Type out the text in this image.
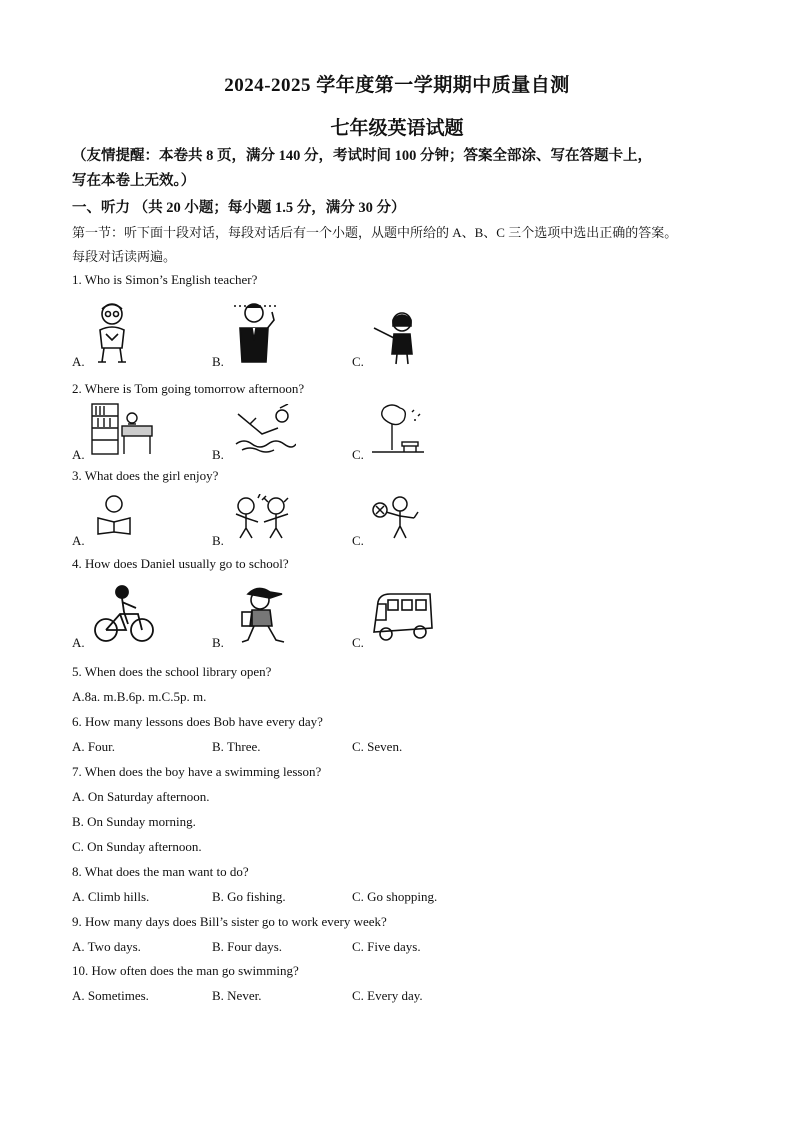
2024-2025 学年度第一学期期中质量自测
七年级英语试题
（友情提醒：本卷共 8 页，满分 140 分，考试时间 100 分钟；答案全部涂、写在答题卡上，
写在本卷上无效。）
一、听力 （共 20 小题；每小题 1.5 分，满分 30 分）
第一节：听下面十段对话，每段对话后有一个小题，从题中所给的 A、B、C 三个选项中选出正确的答案。
每段对话读两遍。
1. Who is Simon’s English teacher?
A.	B.	C.
2. Where is Tom going tomorrow afternoon?
A.	B.	C.
3. What does the girl enjoy?
A.	B.	C.
4. How does Daniel usually go to school?
A.	B.	C.
5. When does the school library open?
A.8a. m.B.6p. m.C.5p. m.
6. How many lessons does Bob have every day?
A. Four.	B. Three.	C. Seven.
7. When does the boy have a swimming lesson?
A. On Saturday afternoon.
B. On Sunday morning.
C. On Sunday afternoon.
8. What does the man want to do?
A. Climb hills.	B. Go fishing.	C. Go shopping.
9. How many days does Bill’s sister go to work every week?
A. Two days.	B. Four days.	C. Five days.
10. How often does the man go swimming?
A. Sometimes.	B. Never.	C. Every day.
